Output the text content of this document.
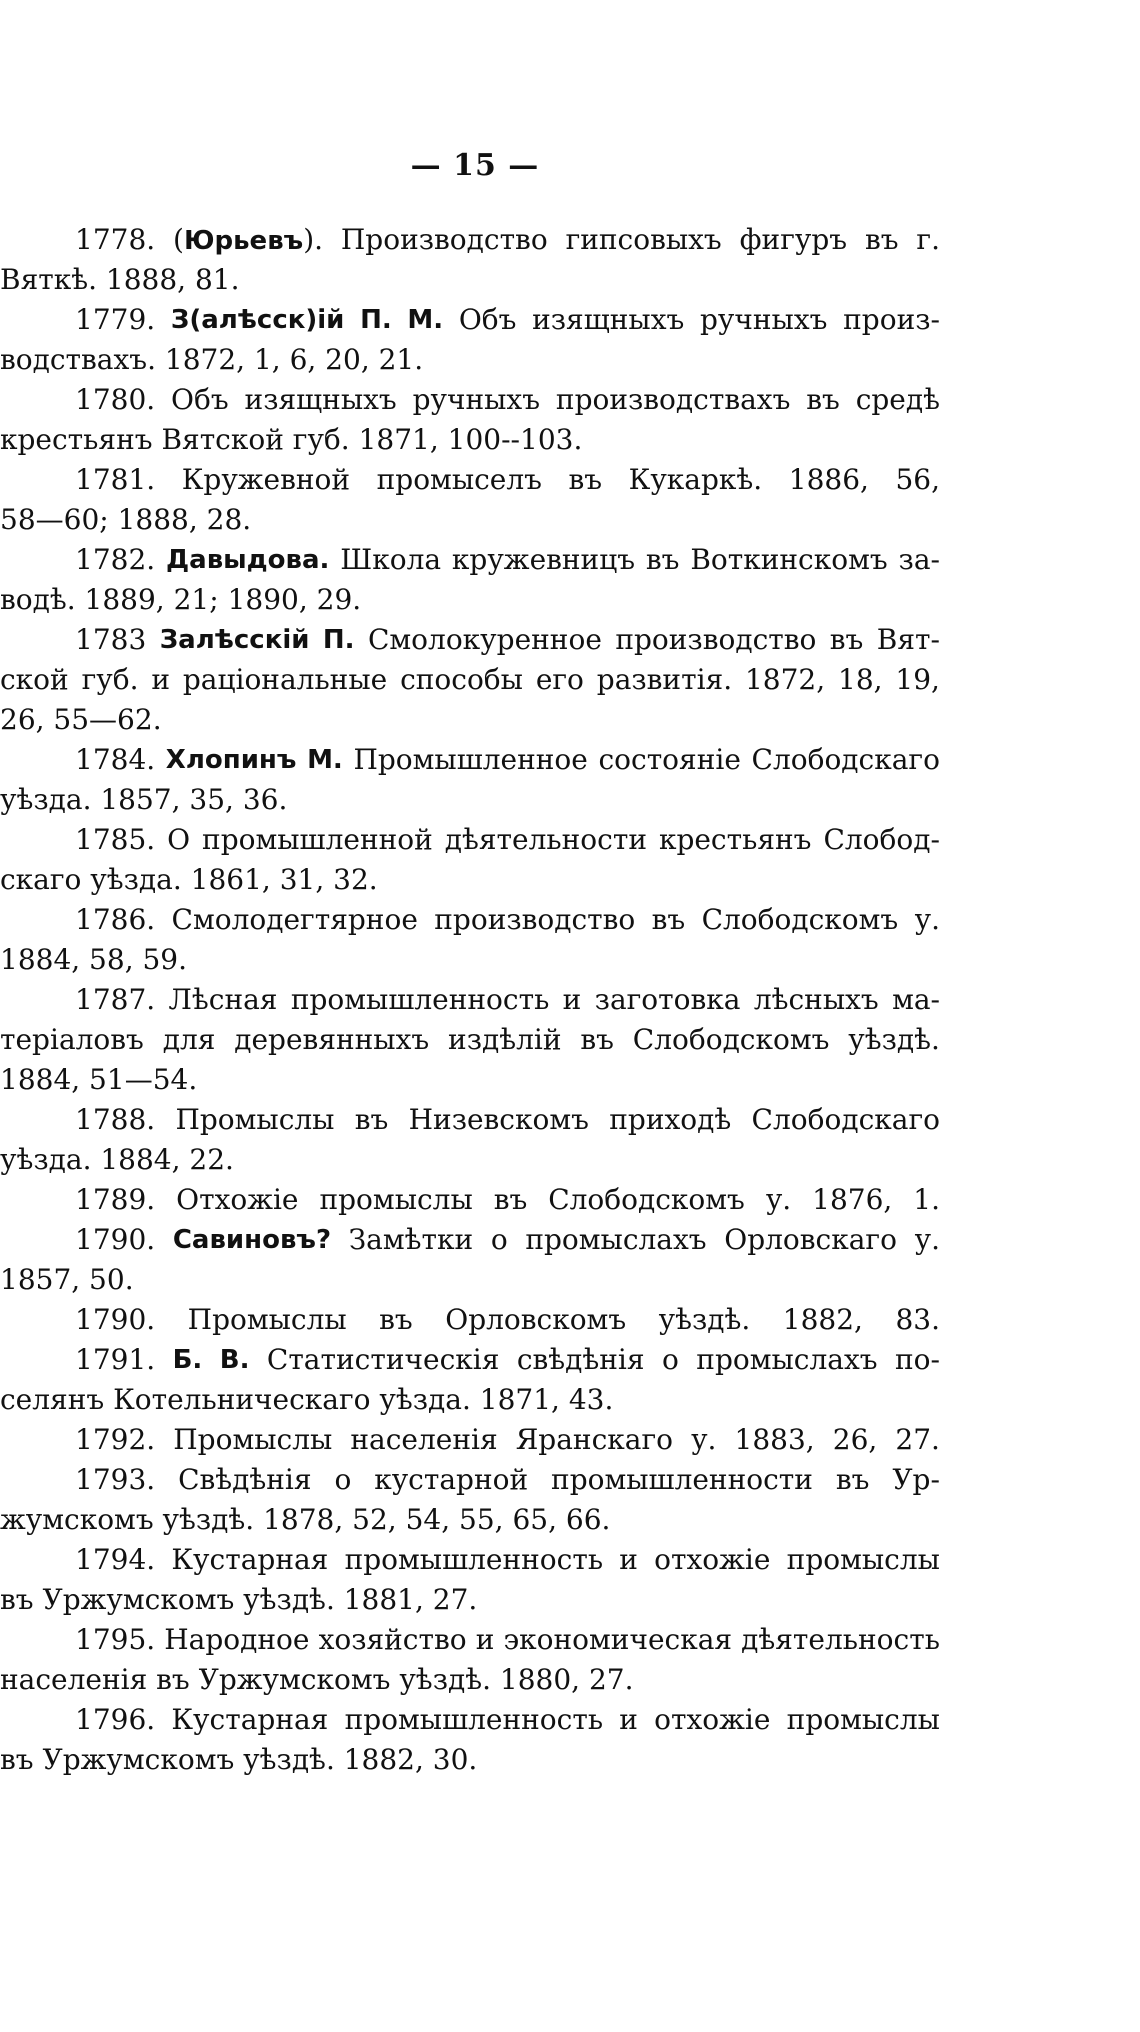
— 15 —
1778. (Юрьевъ). Производство гипсовыхъ фигуръ въ г.
Вяткѣ. 1888, 81.
1779. З(алѣсск)ій П. М. Объ изящныхъ ручныхъ произ-
водствахъ. 1872, 1, 6, 20, 21.
1780. Объ изящныхъ ручныхъ производствахъ въ средѣ
крестьянъ Вятской губ. 1871, 100--103.
1781. Кружевной промыселъ въ Кукаркѣ. 1886, 56,
58—60; 1888, 28.
1782. Давыдова. Школа кружевницъ въ Воткинскомъ за-
водѣ. 1889, 21; 1890, 29.
1783 Залѣсскій П. Смолокуренное производство въ Вят-
ской губ. и раціональные способы его развитія. 1872, 18, 19,
26, 55—62.
1784. Хлопинъ М. Промышленное состояніе Слободскаго
уѣзда. 1857, 35, 36.
1785. О промышленной дѣятельности крестьянъ Слобод-
скаго уѣзда. 1861, 31, 32.
1786. Смолодегтярное производство въ Слободскомъ у.
1884, 58, 59.
1787. Лѣсная промышленность и заготовка лѣсныхъ ма-
теріаловъ для деревянныхъ издѣлій въ Слободскомъ уѣздѣ.
1884, 51—54.
1788. Промыслы въ Низевскомъ приходѣ Слободскаго
уѣзда. 1884, 22.
1789. Отхожіе промыслы въ Слободскомъ у. 1876, 1.
1790. Савиновъ? Замѣтки о промыслахъ Орловскаго у.
1857, 50.
1790. Промыслы въ Орловскомъ уѣздѣ. 1882, 83.
1791. Б. В. Статистическія свѣдѣнія о промыслахъ по-
селянъ Котельническаго уѣзда. 1871, 43.
1792. Промыслы населенія Яранскаго у. 1883, 26, 27.
1793. Свѣдѣнія о кустарной промышленности въ Ур-
жумскомъ уѣздѣ. 1878, 52, 54, 55, 65, 66.
1794. Кустарная промышленность и отхожіе промыслы
въ Уржумскомъ уѣздѣ. 1881, 27.
1795. Народное хозяйство и экономическая дѣятельность
населенія въ Уржумскомъ уѣздѣ. 1880, 27.
1796. Кустарная промышленность и отхожіе промыслы
въ Уржумскомъ уѣздѣ. 1882, 30.
